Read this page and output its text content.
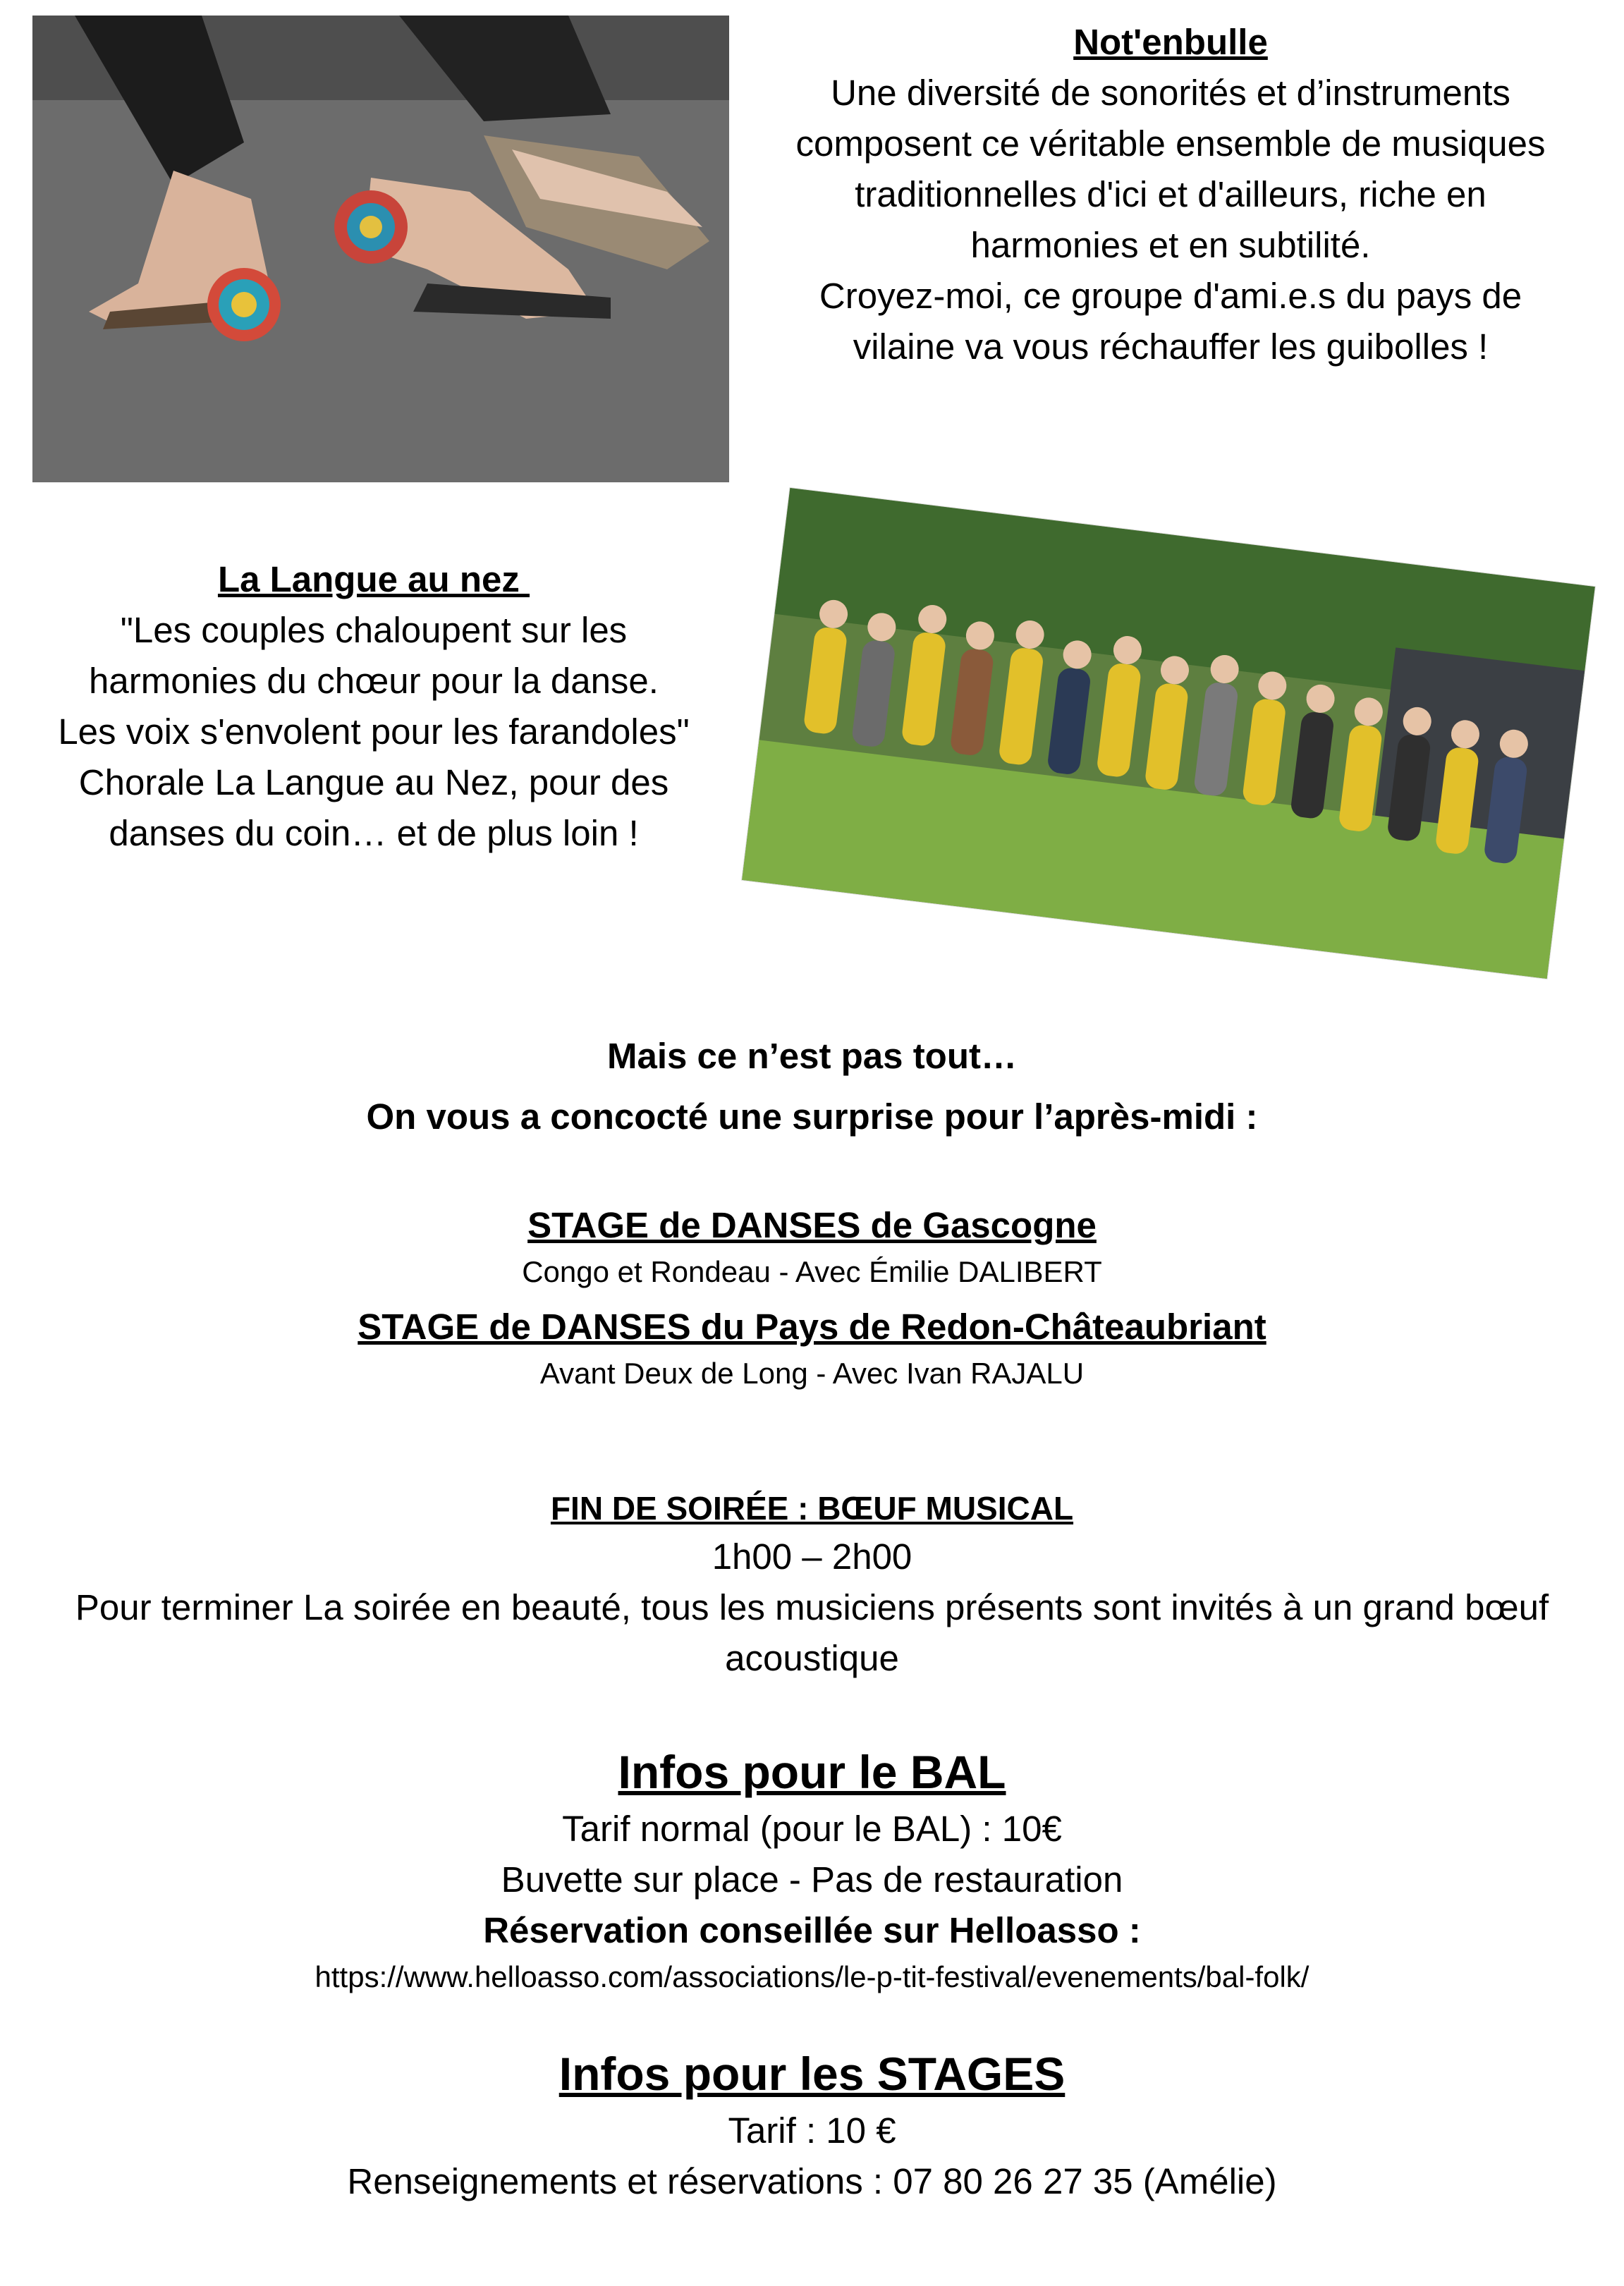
Not'enbulle
Une diversité de sonorités et d’instruments
composent ce véritable ensemble de musiques
traditionnelles d'ici et d'ailleurs, riche en
harmonies et en subtilité.
Croyez-moi, ce groupe d'ami.e.s du pays de
vilaine va vous réchauffer les guibolles !
La Langue au nez
"Les couples chaloupent sur les
harmonies du chœur pour la danse.
Les voix s'envolent pour les farandoles"
Chorale La Langue au Nez, pour des
danses du coin… et de plus loin !
Mais ce n’est pas tout…
On vous a concocté une surprise pour l’après-midi :
STAGE de DANSES de Gascogne
Congo et Rondeau - Avec Émilie DALIBERT
STAGE de DANSES du Pays de Redon-Châteaubriant
Avant Deux de Long - Avec Ivan RAJALU
FIN DE SOIRÉE : BŒUF MUSICAL
1h00 – 2h00
Pour terminer La soirée en beauté, tous les musiciens présents sont invités à un grand bœuf
acoustique
Infos pour le BAL
Tarif normal (pour le BAL) : 10€
Buvette sur place - Pas de restauration
Réservation conseillée sur Helloasso :
https://www.helloasso.com/associations/le-p-tit-festival/evenements/bal-folk/
Infos pour les STAGES
Tarif : 10 €
Renseignements et réservations : 07 80 26 27 35 (Amélie)
